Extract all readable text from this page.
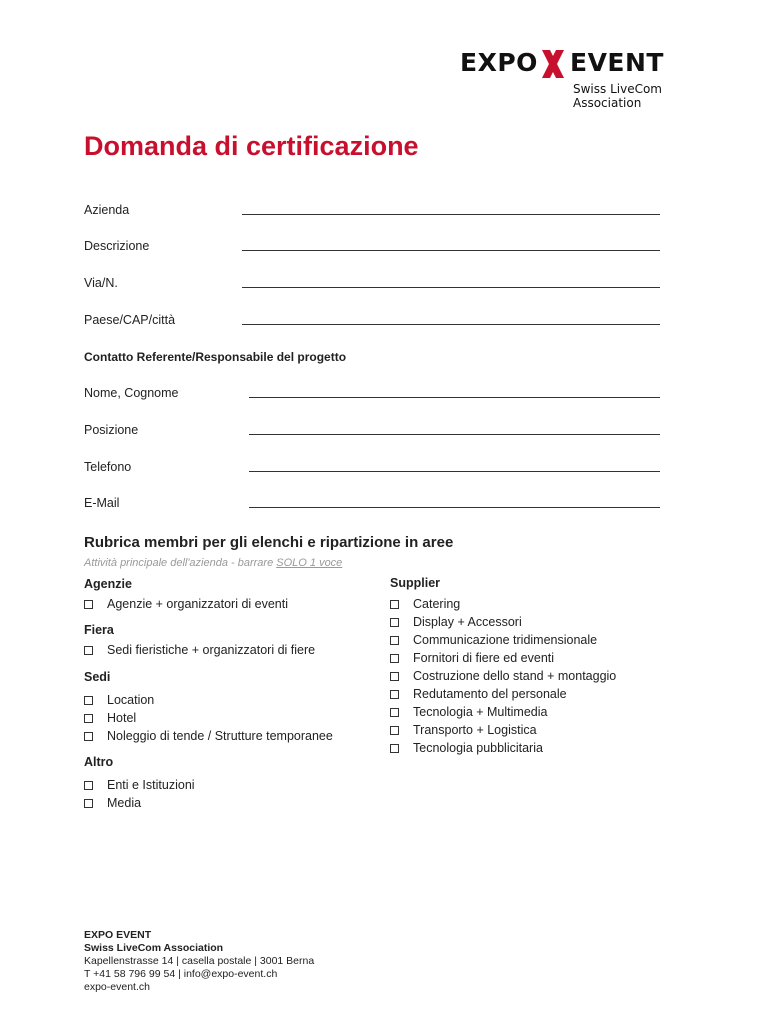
EXPO EVENT
Swiss LiveCom
Association
Domanda di certificazione
Azienda
Descrizione
Via/N.
Paese/CAP/città
Contatto Referente/Responsabile del progetto
Nome, Cognome
Posizione
Telefono
E-Mail
Rubrica membri per gli elenchi e ripartizione in aree
Attività principale dell'azienda - barrare SOLO 1 voce
Agenzie
Agenzie + organizzatori di eventi
Fiera
Sedi fieristiche + organizzatori di fiere
Sedi
Location
Hotel
Noleggio di tende / Strutture temporanee
Altro
Enti e Istituzioni
Media
Supplier
Catering
Display + Accessori
Communicazione tridimensionale
Fornitori di fiere ed eventi
Costruzione dello stand + montaggio
Redutamento del personale
Tecnologia + Multimedia
Transporto + Logistica
Tecnologia pubblicitaria
EXPO EVENT
Swiss LiveCom Association
Kapellenstrasse 14 | casella postale | 3001 Berna
T +41 58 796 99 54 | info@expo-event.ch
expo-event.ch
